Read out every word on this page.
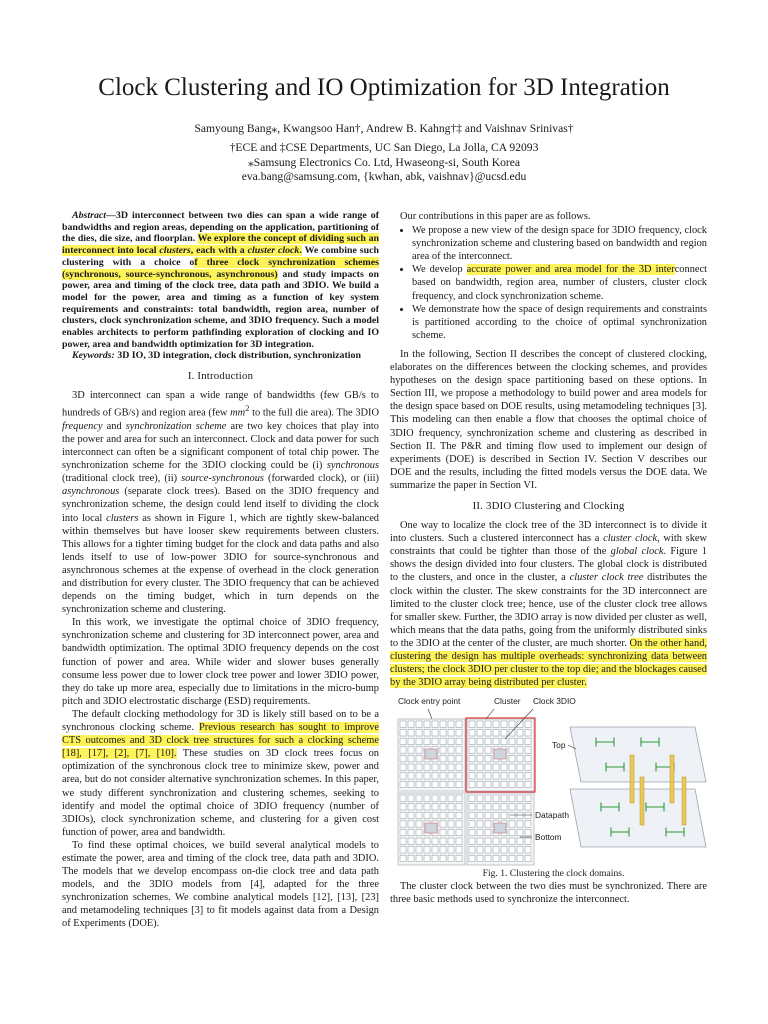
Clock Clustering and IO Optimization for 3D Integration
Samyoung Bang⁎, Kwangsoo Han†, Andrew B. Kahng†‡ and Vaishnav Srinivas†
†ECE and ‡CSE Departments, UC San Diego, La Jolla, CA 92093
⁎Samsung Electronics Co. Ltd, Hwaseong-si, South Korea
eva.bang@samsung.com, {kwhan, abk, vaishnav}@ucsd.edu

Abstract—3D interconnect between two dies can span a wide range of bandwidths and region areas, depending on the application, partitioning of the dies, die size, and floorplan. We explore the concept of dividing such an interconnect into local clusters, each with a cluster clock. We combine such clustering with a choice of three clock synchronization schemes (synchronous, source-synchronous, asynchronous) and study impacts on power, area and timing of the clock tree, data path and 3DIO. We build a model for the power, area and timing as a function of key system requirements and constraints: total bandwidth, region area, number of clusters, clock synchronization scheme, and 3DIO frequency. Such a model enables architects to perform pathfinding exploration of clocking and IO power, area and bandwidth optimization for 3D integration.

Keywords: 3D IO, 3D integration, clock distribution, synchronization

I. Introduction

3D interconnect can span a wide range of bandwidths (few GB/s to hundreds of GB/s) and region area (few $mm^2$ to the full die area). The 3DIO frequency and synchronization scheme are two key choices that play into the power and area for such an interconnect. Clock and data power for such interconnect can often be a significant component of total chip power. The synchronization scheme for the 3DIO clocking could be (i) synchronous (traditional clock tree), (ii) source-synchronous (forwarded clock), or (iii) asynchronous (separate clock trees). Based on the 3DIO frequency and synchronization scheme, the design could lend itself to dividing the clock into local clusters as shown in Figure 1, which are tightly skew-balanced within themselves but have looser skew requirements between clusters. This allows for a tighter timing budget for the clock and data paths and also lends itself to use of low-power 3DIO for source-synchronous and asynchronous schemes at the expense of overhead in the clock generation and distribution for every cluster. The 3DIO frequency that can be achieved depends on the timing budget, which in turn depends on the synchronization scheme and clustering.

In this work, we investigate the optimal choice of 3DIO frequency, synchronization scheme and clustering for 3D interconnect power, area and bandwidth optimization. The optimal 3DIO frequency depends on the cost function of power and area. While wider and slower buses generally consume less power due to lower clock tree power and lower 3DIO power, they do take up more area, especially due to limitations in the micro-bump pitch and 3DIO electrostatic discharge (ESD) requirements.

The default clocking methodology for 3D is likely still based on to be a synchronous clocking scheme. Previous research has sought to improve CTS outcomes and 3D clock tree structures for such a clocking scheme [18], [17], [2], [7], [10]. These studies on 3D clock trees focus on optimization of the synchronous clock tree to minimize skew, power and area, but do not consider alternative synchronization schemes. In this paper, we study different synchronization and clustering schemes, seeking to identify and model the optimal choice of 3DIO frequency (number of 3DIOs), clock synchronization scheme, and clustering for a given cost function of power, area and bandwidth.

To find these optimal choices, we build several analytical models to estimate the power, area and timing of the clock tree, data path and 3DIO. The models that we develop encompass on-die clock tree and data path models, and the 3DIO models from [4], adapted for the three synchronization schemes. We combine analytical models [12], [13], [23] and metamodeling techniques [3] to fit models against data from a Design of Experiments (DOE).

Our contributions in this paper are as follows.

• We propose a new view of the design space for 3DIO frequency, clock synchronization scheme and clustering based on bandwidth and region area of the interconnect.
• We develop accurate power and area model for the 3D interconnect based on bandwidth, region area, number of clusters, cluster clock frequency, and clock synchronization scheme.
• We demonstrate how the space of design requirements and constraints is partitioned according to the choice of optimal synchronization scheme.

In the following, Section II describes the concept of clustered clocking, elaborates on the differences between the clocking schemes, and provides hypotheses on the design space partitioning based on these options. In Section III, we propose a methodology to build power and area models for the design space based on DOE results, using metamodeling techniques [3]. This modeling can then enable a flow that chooses the optimal choice of 3DIO frequency, synchronization scheme and clustering as described in Section II. The P&R and timing flow used to implement our design of experiments (DOE) is described in Section IV. Section V describes our DOE and the results, including the fitted models versus the DOE data. We summarize the paper in Section VI.

II. 3DIO Clustering and Clocking

One way to localize the clock tree of the 3D interconnect is to divide it into clusters. Such a clustered interconnect has a cluster clock, with skew constraints that could be tighter than those of the global clock. Figure 1 shows the design divided into four clusters. The global clock is distributed to the clusters, and once in the cluster, a cluster clock tree distributes the clock within the cluster. The skew constraints for the 3D interconnect are limited to the cluster clock tree; hence, use of the cluster clock tree allows for smaller skew. Further, the 3DIO array is now divided per cluster as well, which means that the data paths, going from the uniformly distributed sinks to the 3DIO at the center of the cluster, are much shorter. On the other hand, clustering the design has multiple overheads: synchronizing data between clusters; the clock 3DIO per cluster to the top die; and the blockages caused by the 3DIO array being distributed per cluster.

Clock entry point	Cluster Clock 3DIO
Top
Datapath
Bottom

Fig. 1. Clustering the clock domains.

The cluster clock between the two dies must be synchronized. There are three basic methods used to synchronize the interconnect.
